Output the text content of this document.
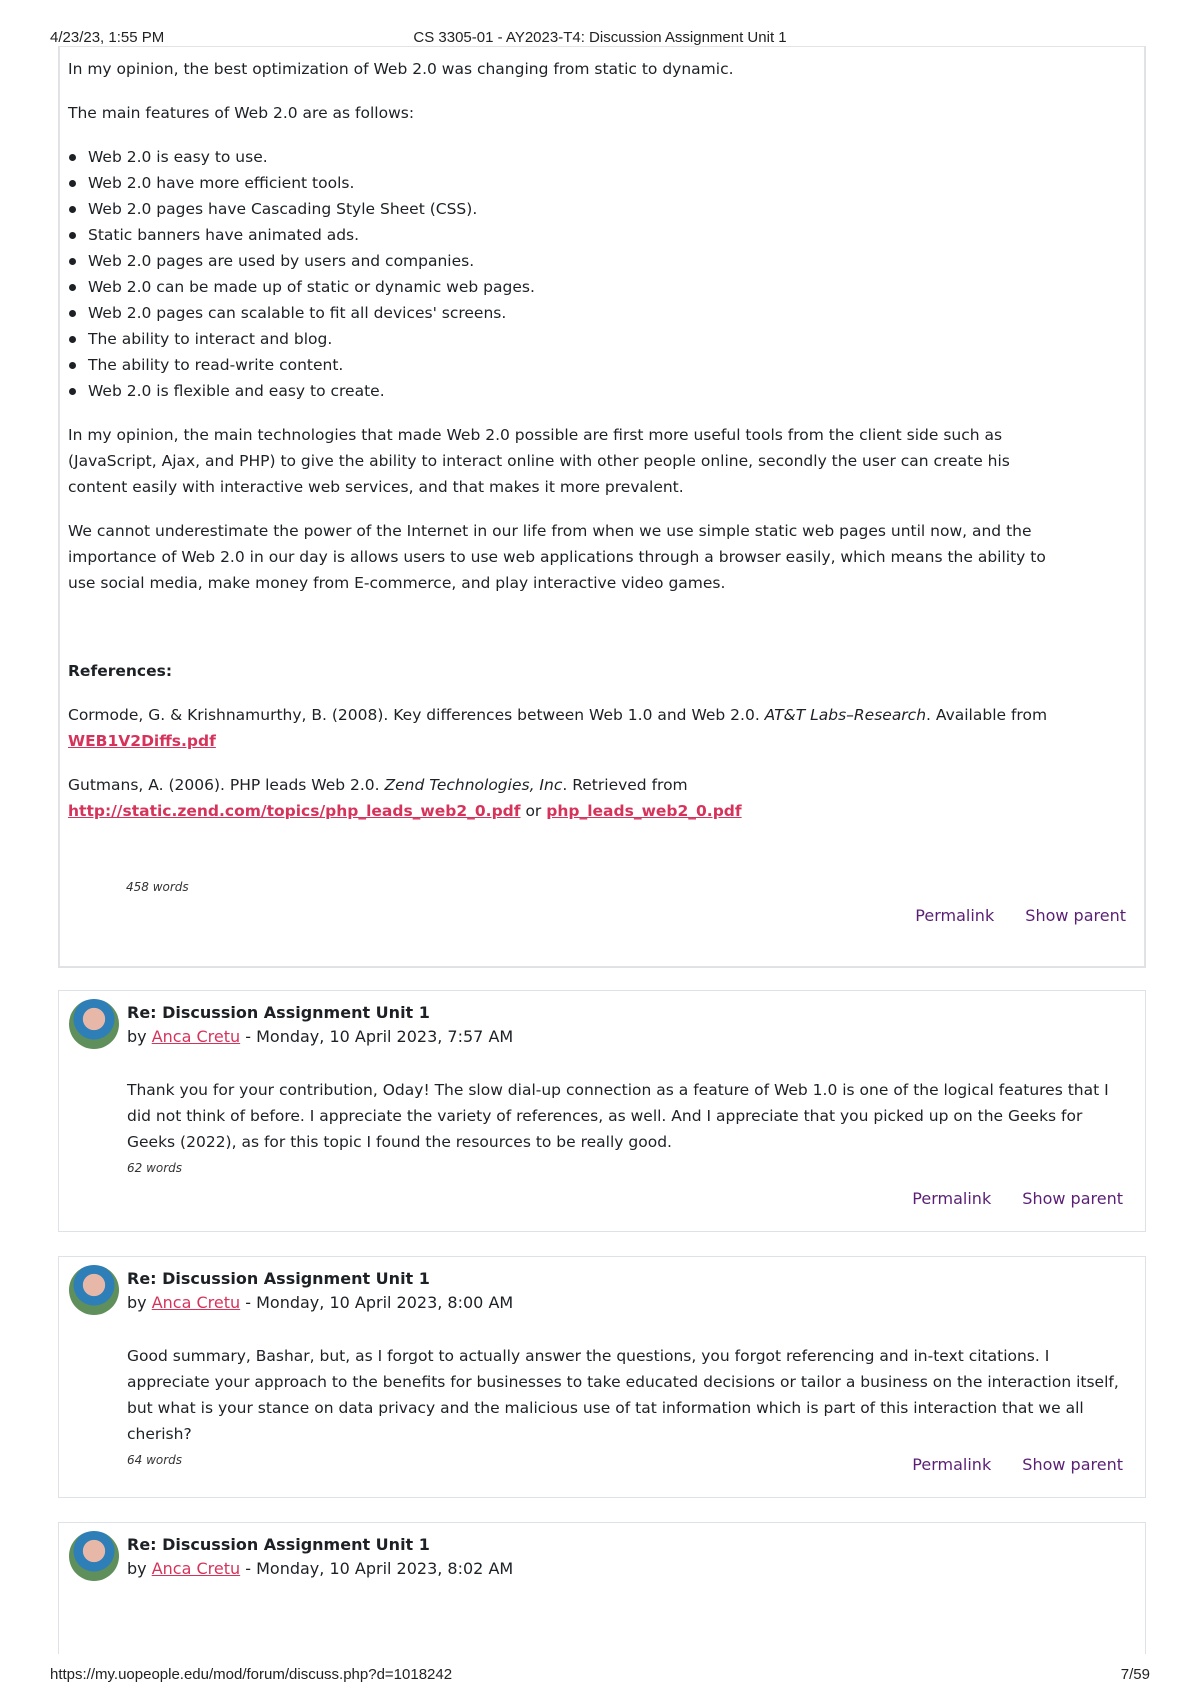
4/23/23, 1:55 PM	CS 3305-01 - AY2023-T4: Discussion Assignment Unit 1

In my opinion, the best optimization of Web 2.0 was changing from static to dynamic.

The main features of Web 2.0 are as follows:

Web 2.0 is easy to use.
Web 2.0 have more efficient tools.
Web 2.0 pages have Cascading Style Sheet (CSS).
Static banners have animated ads.
Web 2.0 pages are used by users and companies.
Web 2.0 can be made up of static or dynamic web pages.
Web 2.0 pages can scalable to fit all devices' screens.
The ability to interact and blog.
The ability to read-write content.
Web 2.0 is flexible and easy to create.

In my opinion, the main technologies that made Web 2.0 possible are first more useful tools from the client side such as (JavaScript, Ajax, and PHP) to give the ability to interact online with other people online, secondly the user can create his content easily with interactive web services, and that makes it more prevalent.

We cannot underestimate the power of the Internet in our life from when we use simple static web pages until now, and the importance of Web 2.0 in our day is allows users to use web applications through a browser easily, which means the ability to use social media, make money from E-commerce, and play interactive video games.

References:

Cormode, G. & Krishnamurthy, B. (2008). Key differences between Web 1.0 and Web 2.0. AT&T Labs–Research. Available from WEB1V2Diffs.pdf

Gutmans, A. (2006). PHP leads Web 2.0. Zend Technologies, Inc. Retrieved from http://static.zend.com/topics/php_leads_web2_0.pdf or php_leads_web2_0.pdf

458 words
Permalink Show parent
Re: Discussion Assignment Unit 1
by Anca Cretu - Monday, 10 April 2023, 7:57 AM

Thank you for your contribution, Oday! The slow dial-up connection as a feature of Web 1.0 is one of the logical features that I did not think of before. I appreciate the variety of references, as well. And I appreciate that you picked up on the Geeks for Geeks (2022), as for this topic I found the resources to be really good.

62 words
Permalink Show parent
Re: Discussion Assignment Unit 1
by Anca Cretu - Monday, 10 April 2023, 8:00 AM

Good summary, Bashar, but, as I forgot to actually answer the questions, you forgot referencing and in-text citations. I appreciate your approach to the benefits for businesses to take educated decisions or tailor a business on the interaction itself, but what is your stance on data privacy and the malicious use of tat information which is part of this interaction that we all cherish?

64 words	Permalink Show parent
Re: Discussion Assignment Unit 1
by Anca Cretu - Monday, 10 April 2023, 8:02 AM
https://my.uopeople.edu/mod/forum/discuss.php?d=1018242	7/59
